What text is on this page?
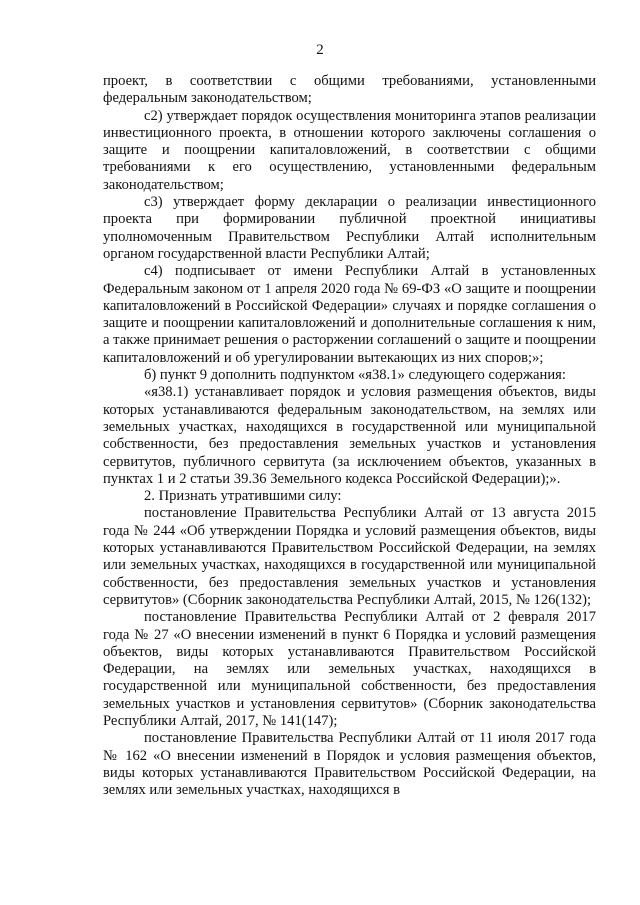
2

проект, в соответствии с общими требованиями, установленными федеральным законодательством;

с2) утверждает порядок осуществления мониторинга этапов реализации инвестиционного проекта, в отношении которого заключены соглашения о защите и поощрении капиталовложений, в соответствии с общими требованиями к его осуществлению, установленными федеральным законодательством;

с3) утверждает форму декларации о реализации инвестиционного проекта при формировании публичной проектной инициативы уполномоченным Правительством Республики Алтай исполнительным органом государственной власти Республики Алтай;

с4) подписывает от имени Республики Алтай в установленных Федеральным законом от 1 апреля 2020 года № 69-ФЗ «О защите и поощрении капиталовложений в Российской Федерации» случаях и порядке соглашения о защите и поощрении капиталовложений и дополнительные соглашения к ним, а также принимает решения о расторжении соглашений о защите и поощрении капиталовложений и об урегулировании вытекающих из них споров;»;

б) пункт 9 дополнить подпунктом «я38.1» следующего содержания:

«я38.1) устанавливает порядок и условия размещения объектов, виды которых устанавливаются федеральным законодательством, на землях или земельных участках, находящихся в государственной или муниципальной собственности, без предоставления земельных участков и установления сервитутов, публичного сервитута (за исключением объектов, указанных в пунктах 1 и 2 статьи 39.36 Земельного кодекса Российской Федерации);».

2. Признать утратившими силу:

постановление Правительства Республики Алтай от 13 августа 2015 года № 244 «Об утверждении Порядка и условий размещения объектов, виды которых устанавливаются Правительством Российской Федерации, на землях или земельных участках, находящихся в государственной или муниципальной собственности, без предоставления земельных участков и установления сервитутов» (Сборник законодательства Республики Алтай, 2015, № 126(132);

постановление Правительства Республики Алтай от 2 февраля 2017 года № 27 «О внесении изменений в пункт 6 Порядка и условий размещения объектов, виды которых устанавливаются Правительством Российской Федерации, на землях или земельных участках, находящихся в государственной или муниципальной собственности, без предоставления земельных участков и установления сервитутов» (Сборник законодательства Республики Алтай, 2017, № 141(147);

постановление Правительства Республики Алтай от 11 июля 2017 года № 162 «О внесении изменений в Порядок и условия размещения объектов, виды которых устанавливаются Правительством Российской Федерации, на землях или земельных участках, находящихся в
